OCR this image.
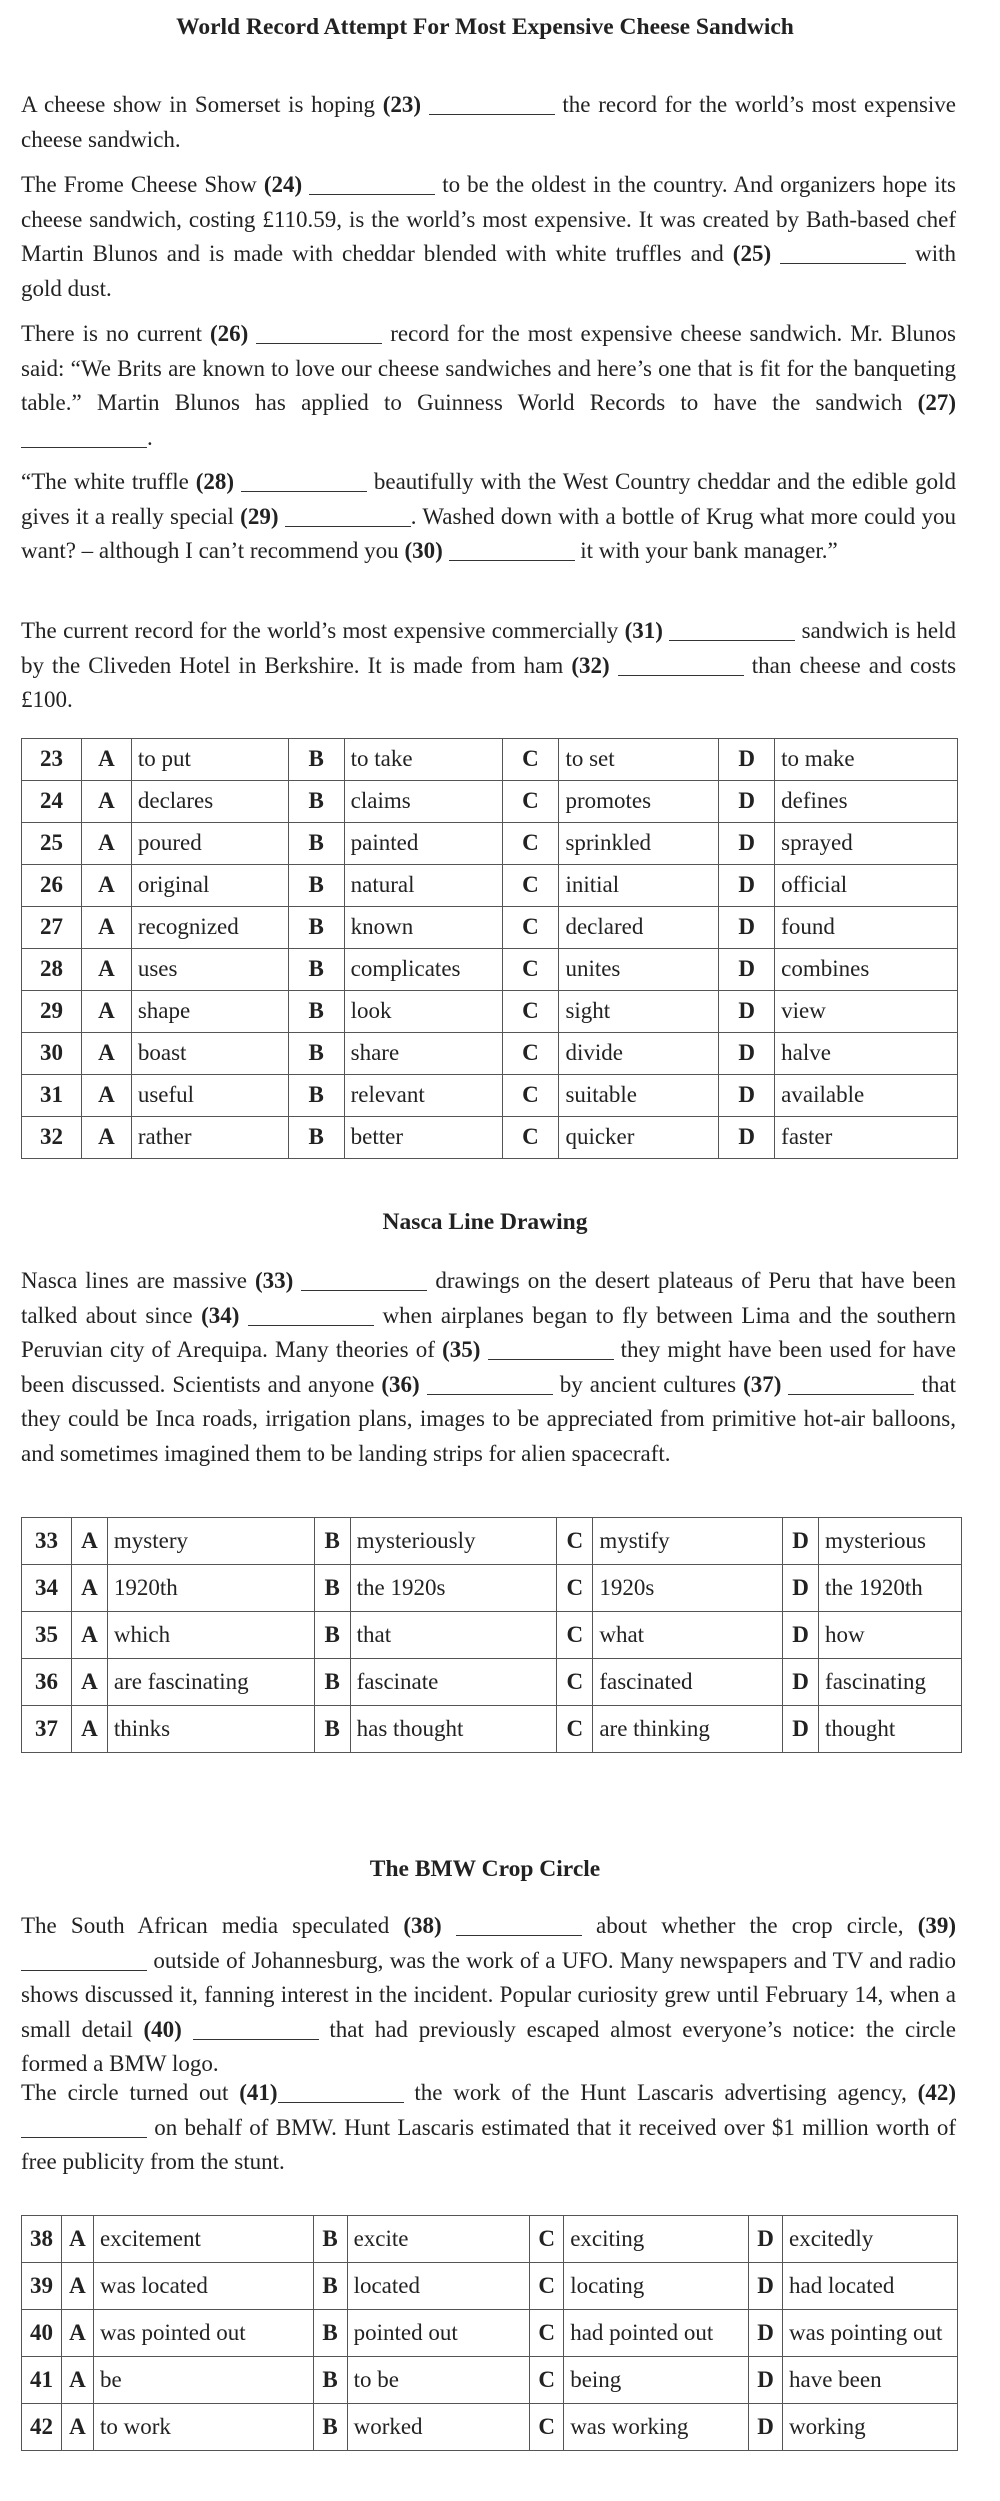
World Record Attempt For Most Expensive Cheese Sandwich

A cheese show in Somerset is hoping (23)	the record for the world’s most expensive cheese sandwich.

The Frome Cheese Show (24)	to be the oldest in the country. And organizers hope its cheese sandwich, costing £110.59, is the world’s most expensive. It was created by Bath-based chef Martin Blunos and is made with cheddar blended with white truffles and (25)	with gold dust.

There is no current (26)	record for the most expensive cheese sandwich. Mr. Blunos said: “We Brits are known to love our cheese sandwiches and here’s one that is fit for the banqueting table.” Martin Blunos has applied to Guinness World Records to have the sandwich (27) .

“The white truffle (28)	beautifully with the West Country cheddar and the edible gold gives it a really special (29)	. Washed down with a bottle of Krug what more could you want? – although I can’t recommend you (30)	it with your bank manager.”

The current record for the world’s most expensive commercially (31)	sandwich is held by the Cliveden Hotel in Berkshire. It is made from ham (32)	than cheese and costs £100.

23	A	to put	B	to take	C	to set	D	to make
24	A	declares	B	claims	C	promotes	D	defines
25	A	poured	B	painted	C	sprinkled	D	sprayed
26	A	original	B	natural	C	initial	D	official
27	A	recognized	B	known	C	declared	D	found
28	A	uses	B	complicates	C	unites	D	combines
29	A	shape	B	look	C	sight	D	view
30	A	boast	B	share	C	divide	D	halve
31	A	useful	B	relevant	C	suitable	D	available
32	A	rather	B	better	C	quicker	D	faster
Nasca Line Drawing

Nasca lines are massive (33)	drawings on the desert plateaus of Peru that have been talked about since (34)	when airplanes began to fly between Lima and the southern Peruvian city of Arequipa. Many theories of (35)	they might have been used for have been discussed. Scientists and anyone (36)	by ancient cultures (37)	that they could be Inca roads, irrigation plans, images to be appreciated from primitive hot-air balloons, and sometimes imagined them to be landing strips for alien spacecraft.

33	A	mystery	B	mysteriously	C	mystify	D	mysterious
34	A	1920th	B	the 1920s	C	1920s	D	the 1920th
35	A	which	B	that	C	what	D	how
36	A	are fascinating	B	fascinate	C	fascinated	D	fascinating
37	A	thinks	B	has thought	C	are thinking	D	thought
The BMW Crop Circle

The South African media speculated (38)	about whether the crop circle, (39) outside of Johannesburg, was the work of a UFO. Many newspapers and TV and radio shows discussed it, fanning interest in the incident. Popular curiosity grew until February 14, when a small detail (40)	that had previously escaped almost everyone’s notice: the circle formed a BMW logo.

The circle turned out (41)	the work of the Hunt Lascaris advertising agency, (42)  on behalf of BMW. Hunt Lascaris estimated that it received over $1 million worth of free publicity from the stunt.

38	A	excitement	B	excite	C	exciting	D	excitedly
39	A	was located	B	located	C	locating	D	had located
40	A	was pointed out	B	pointed out	C	had pointed out	D	was pointing out
41	A	be	B	to be	C	being	D	have been
42	A	to work	B	worked	C	was working	D	working
